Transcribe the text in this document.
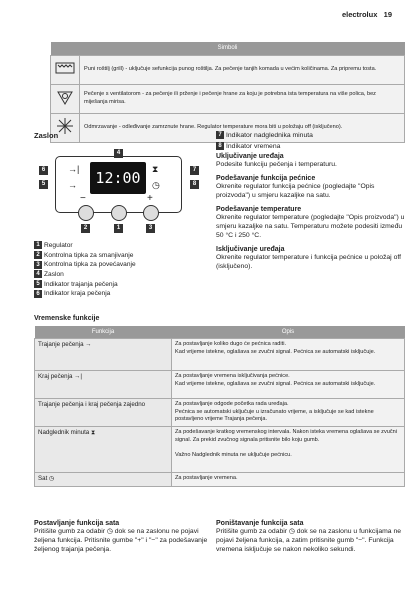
electrolux 19
Simboli	
	Puni roštilj (grill) - uključuje sefunkcija punog roštilja. Za pečenje tanjih komada u većim količinama. Za pripremu tosta.
	Pečenje s ventilatorom - za pečenje ili prženje i pečenje hrane za koju je potrebna ista temperatura na više polica, bez miješanja mirisa.
	Odmrzavanje - odleđivanje zamrznute hrane. Regulator temperature mora biti u položaju off (isključeno).
Zaslon
12:00
→|
→
⧗
◷
−	+
4
6
5
7
8
2	1	3
1 Regulator
2 Kontrolna tipka za smanjivanje
3 Kontrolna tipka za povećavanje
4 Zaslon
5 Indikator trajanja pečenja
6 Indikator kraja pečenja
Vremenske funkcije
7 Indikator nadglednika minuta
8 Indikator vremena
Uključivanje uređaja
Podesite funkciju pečenja i temperaturu.
Podešavanje funkcija pećnice
Okrenite regulator funkcija pećnice (pogledajte "Opis proizvoda") u smjeru kazaljke na satu.
Podešavanje temperature
Okrenite regulator temperature (pogledajte "Opis proizvoda") u smjeru kazaljke na satu. Temperaturu možete podesiti između 50 °C i 250 °C.
Isključivanje uređaja
Okrenite regulator temperature i funkcija pećnice u položaj off (isključeno).
Funkcija	Opis
Trajanje pečenja →	Za postavljanje koliko dugo će pećnica raditi.
Kad vrijeme istekne, oglašava se zvučni signal. Pećnica se automatski isključuje.
Kraj pečenja →|	Za postavljanje vremena isključivanja pećnice.
Kad vrijeme istekne, oglašava se zvučni signal. Pećnica se automatski isključuje.
Trajanje pečenja i kraj pečenja zajedno	Za postavljanje odgode početka rada uređaja.
Pećnica se automatski uključuje u izračunato vrijeme, a isključuje se kad istekne postavljeno vrijeme Trajanja pečenja.
Nadglednik minuta ⧗	Za podešavanje kratkog vremenskog intervala. Nakon isteka vremena oglašava se zvučni signal. Za prekid zvučnog signala pritisnite bilo koju gumb.

Važno Nadglednik minuta ne uključuje pećnicu.
Sat ◷	Za postavljanje vremena.
Postavljanje funkcija sata
Pritišite gumb za odabir ◷ dok se na zaslonu ne pojavi željena funkcija. Pritisnite gumbe "+" i "−" za podešavanje željenog trajanja pečenja.
Poništavanje funkcija sata
Pritišite gumb za odabir ◷ dok se na zaslonu u funkcijama ne pojavi željena funkcija, a zatim pritisnite gumb "−". Funkcija vremena isključuje se nakon nekoliko sekundi.
